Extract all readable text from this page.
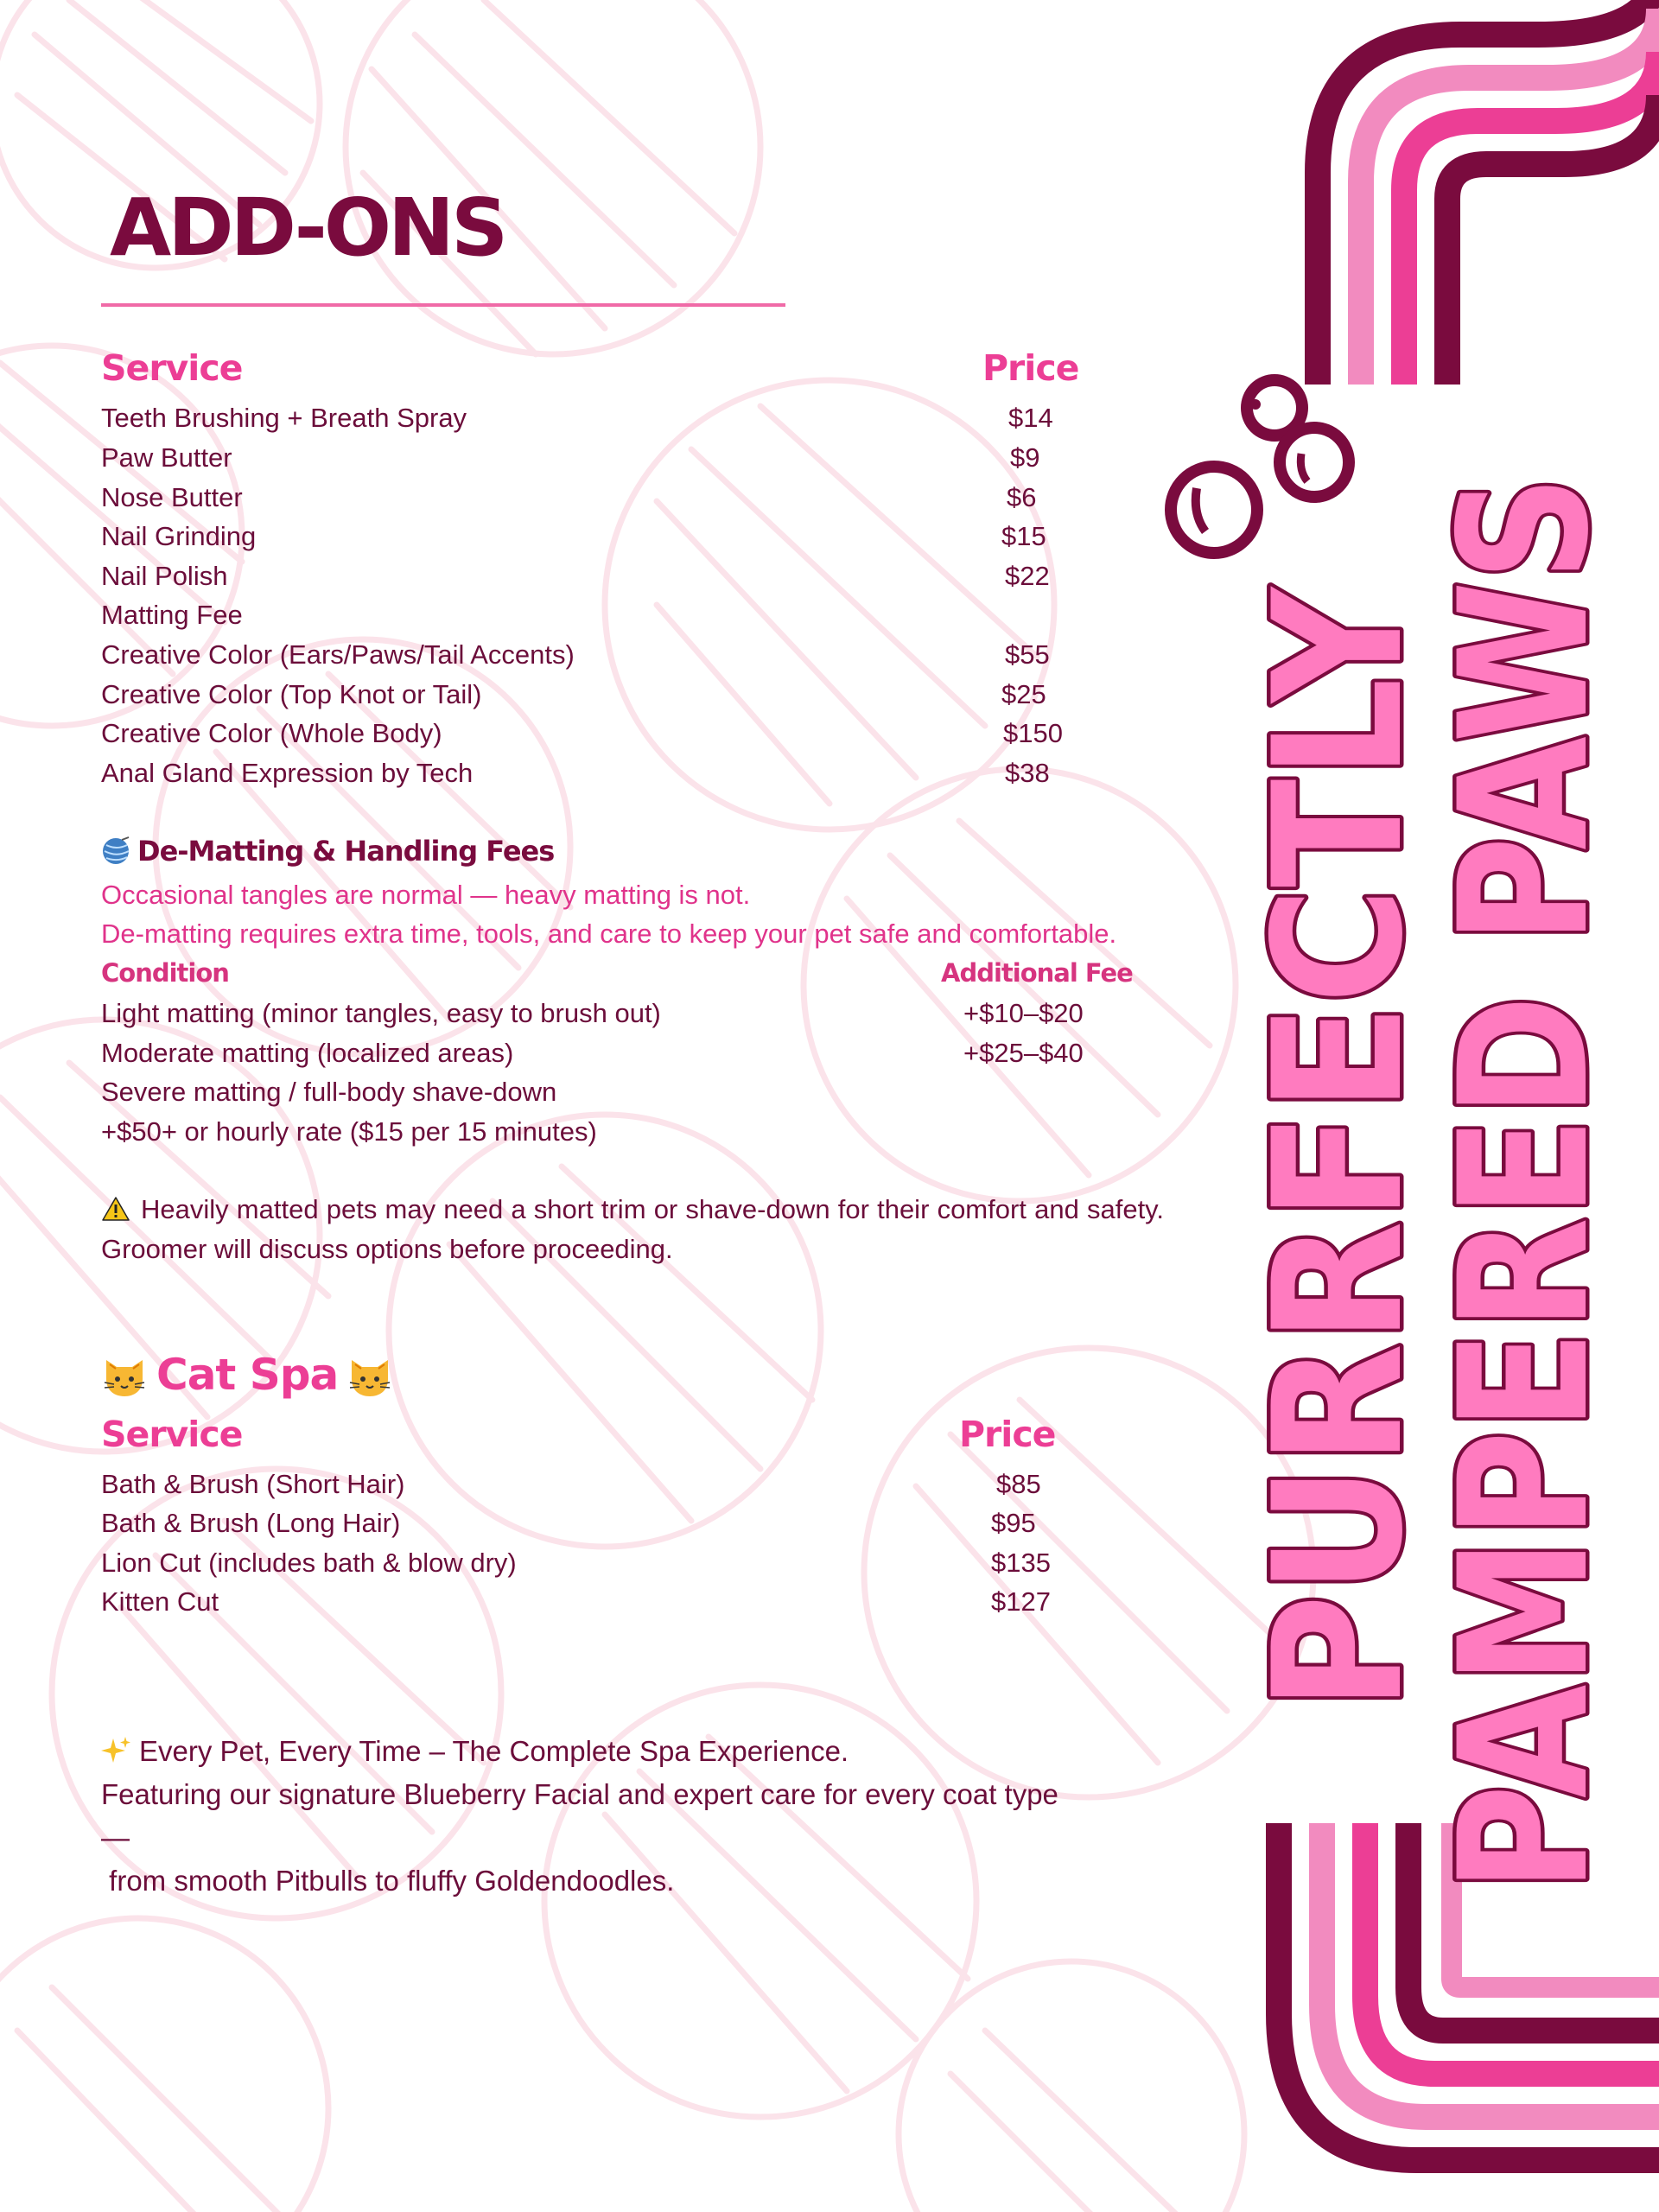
ADD-ONS
Service	Price
Teeth Brushing + Breath Spray	$14
Paw Butter	$9
Nose Butter	$6
Nail Grinding	$15
Nail Polish	$22
Matting Fee
Creative Color (Ears/Paws/Tail Accents)	$55
Creative Color (Top Knot or Tail)	$25
Creative Color (Whole Body)	$150
Anal Gland Expression by Tech	$38
De-Matting & Handling Fees
Occasional tangles are normal — heavy matting is not.
De-matting requires extra time, tools, and care to keep your pet safe and comfortable.
Condition	Additional Fee
Light matting (minor tangles, easy to brush out)	+$10–$20
Moderate matting (localized areas)	+$25–$40
Severe matting / full-body shave-down
+$50+ or hourly rate ($15 per 15 minutes)
Heavily matted pets may need a short trim or shave-down for their comfort and safety. Groomer will discuss options before proceeding.
Cat Spa
Service	Price
Bath & Brush (Short Hair)	$85
Bath & Brush (Long Hair)	$95
Lion Cut (includes bath & blow dry)	$135
Kitten Cut	$127
Every Pet, Every Time – The Complete Spa Experience.
Featuring our signature Blueberry Facial and expert care for every coat type
—
from smooth Pitbulls to fluffy Goldendoodles.
PURRFECTLY
PAMPERED PAWS
